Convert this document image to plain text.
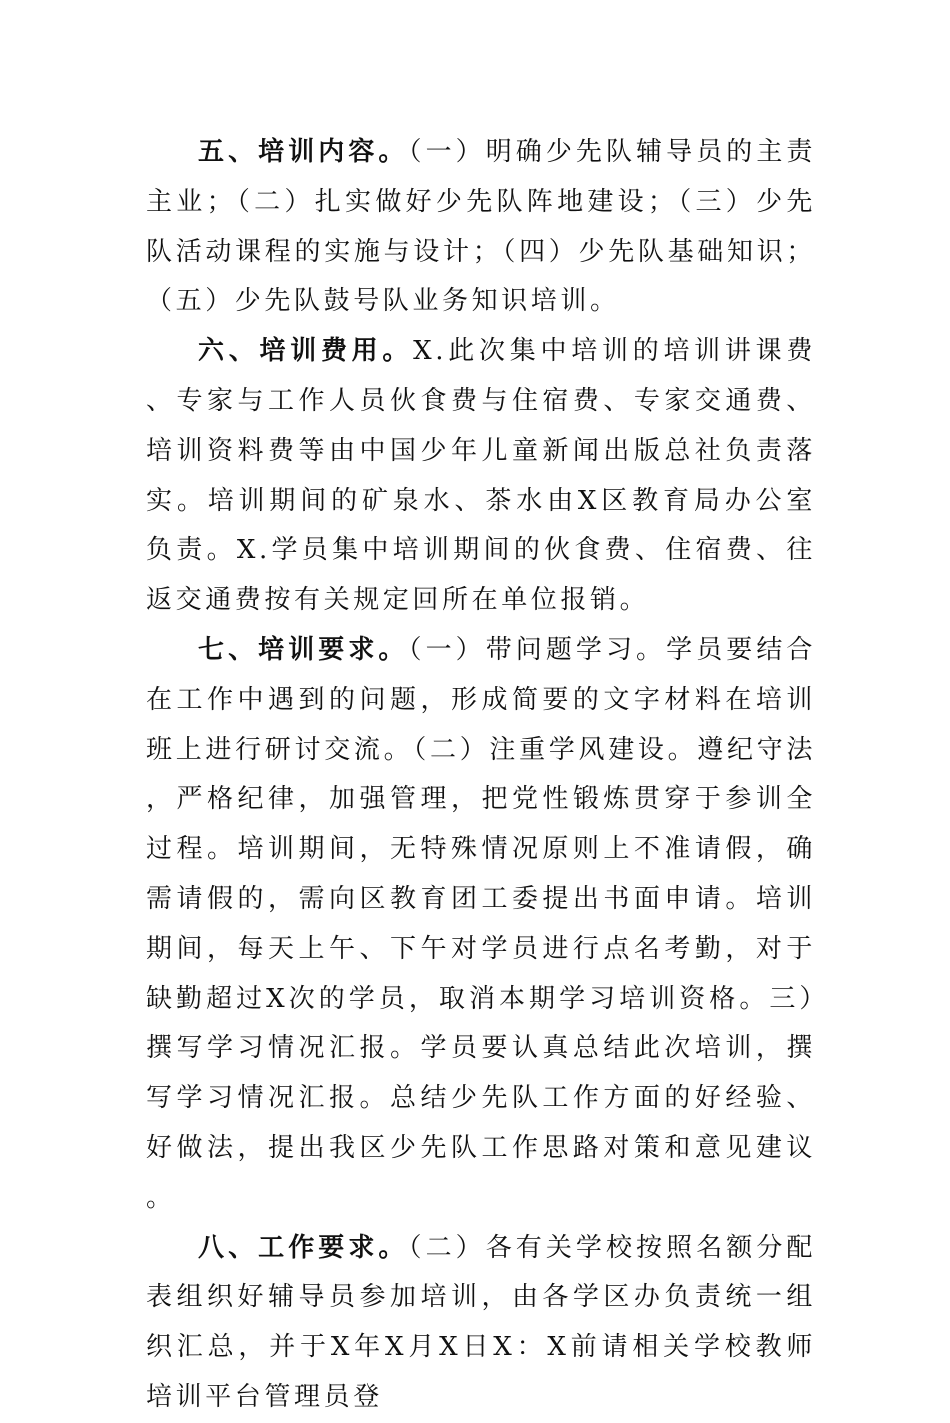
五、培训内容。（一）明确少先队辅导员的主责主业；（二）扎实做好少先队阵地建设；（三）少先队活动课程的实施与设计；（四）少先队基础知识；（五）少先队鼓号队业务知识培训。

六、培训费用。X.此次集中培训的培训讲课费、专家与工作人员伙食费与住宿费、专家交通费、培训资料费等由中国少年儿童新闻出版总社负责落实。培训期间的矿泉水、茶水由X区教育局办公室负责。X.学员集中培训期间的伙食费、住宿费、往返交通费按有关规定回所在单位报销。

七、培训要求。（一）带问题学习。学员要结合在工作中遇到的问题，形成简要的文字材料在培训班上进行研讨交流。（二）注重学风建设。遵纪守法，严格纪律，加强管理，把党性锻炼贯穿于参训全过程。培训期间，无特殊情况原则上不准请假，确需请假的，需向区教育团工委提出书面申请。培训期间，每天上午、下午对学员进行点名考勤，对于缺勤超过X次的学员，取消本期学习培训资格。三）撰写学习情况汇报。学员要认真总结此次培训，撰写学习情况汇报。总结少先队工作方面的好经验、好做法，提出我区少先队工作思路对策和意见建议。

八、工作要求。（二）各有关学校按照名额分配表组织好辅导员参加培训，由各学区办负责统一组织汇总，并于X年X月X日X：X前请相关学校教师培训平台管理员登
